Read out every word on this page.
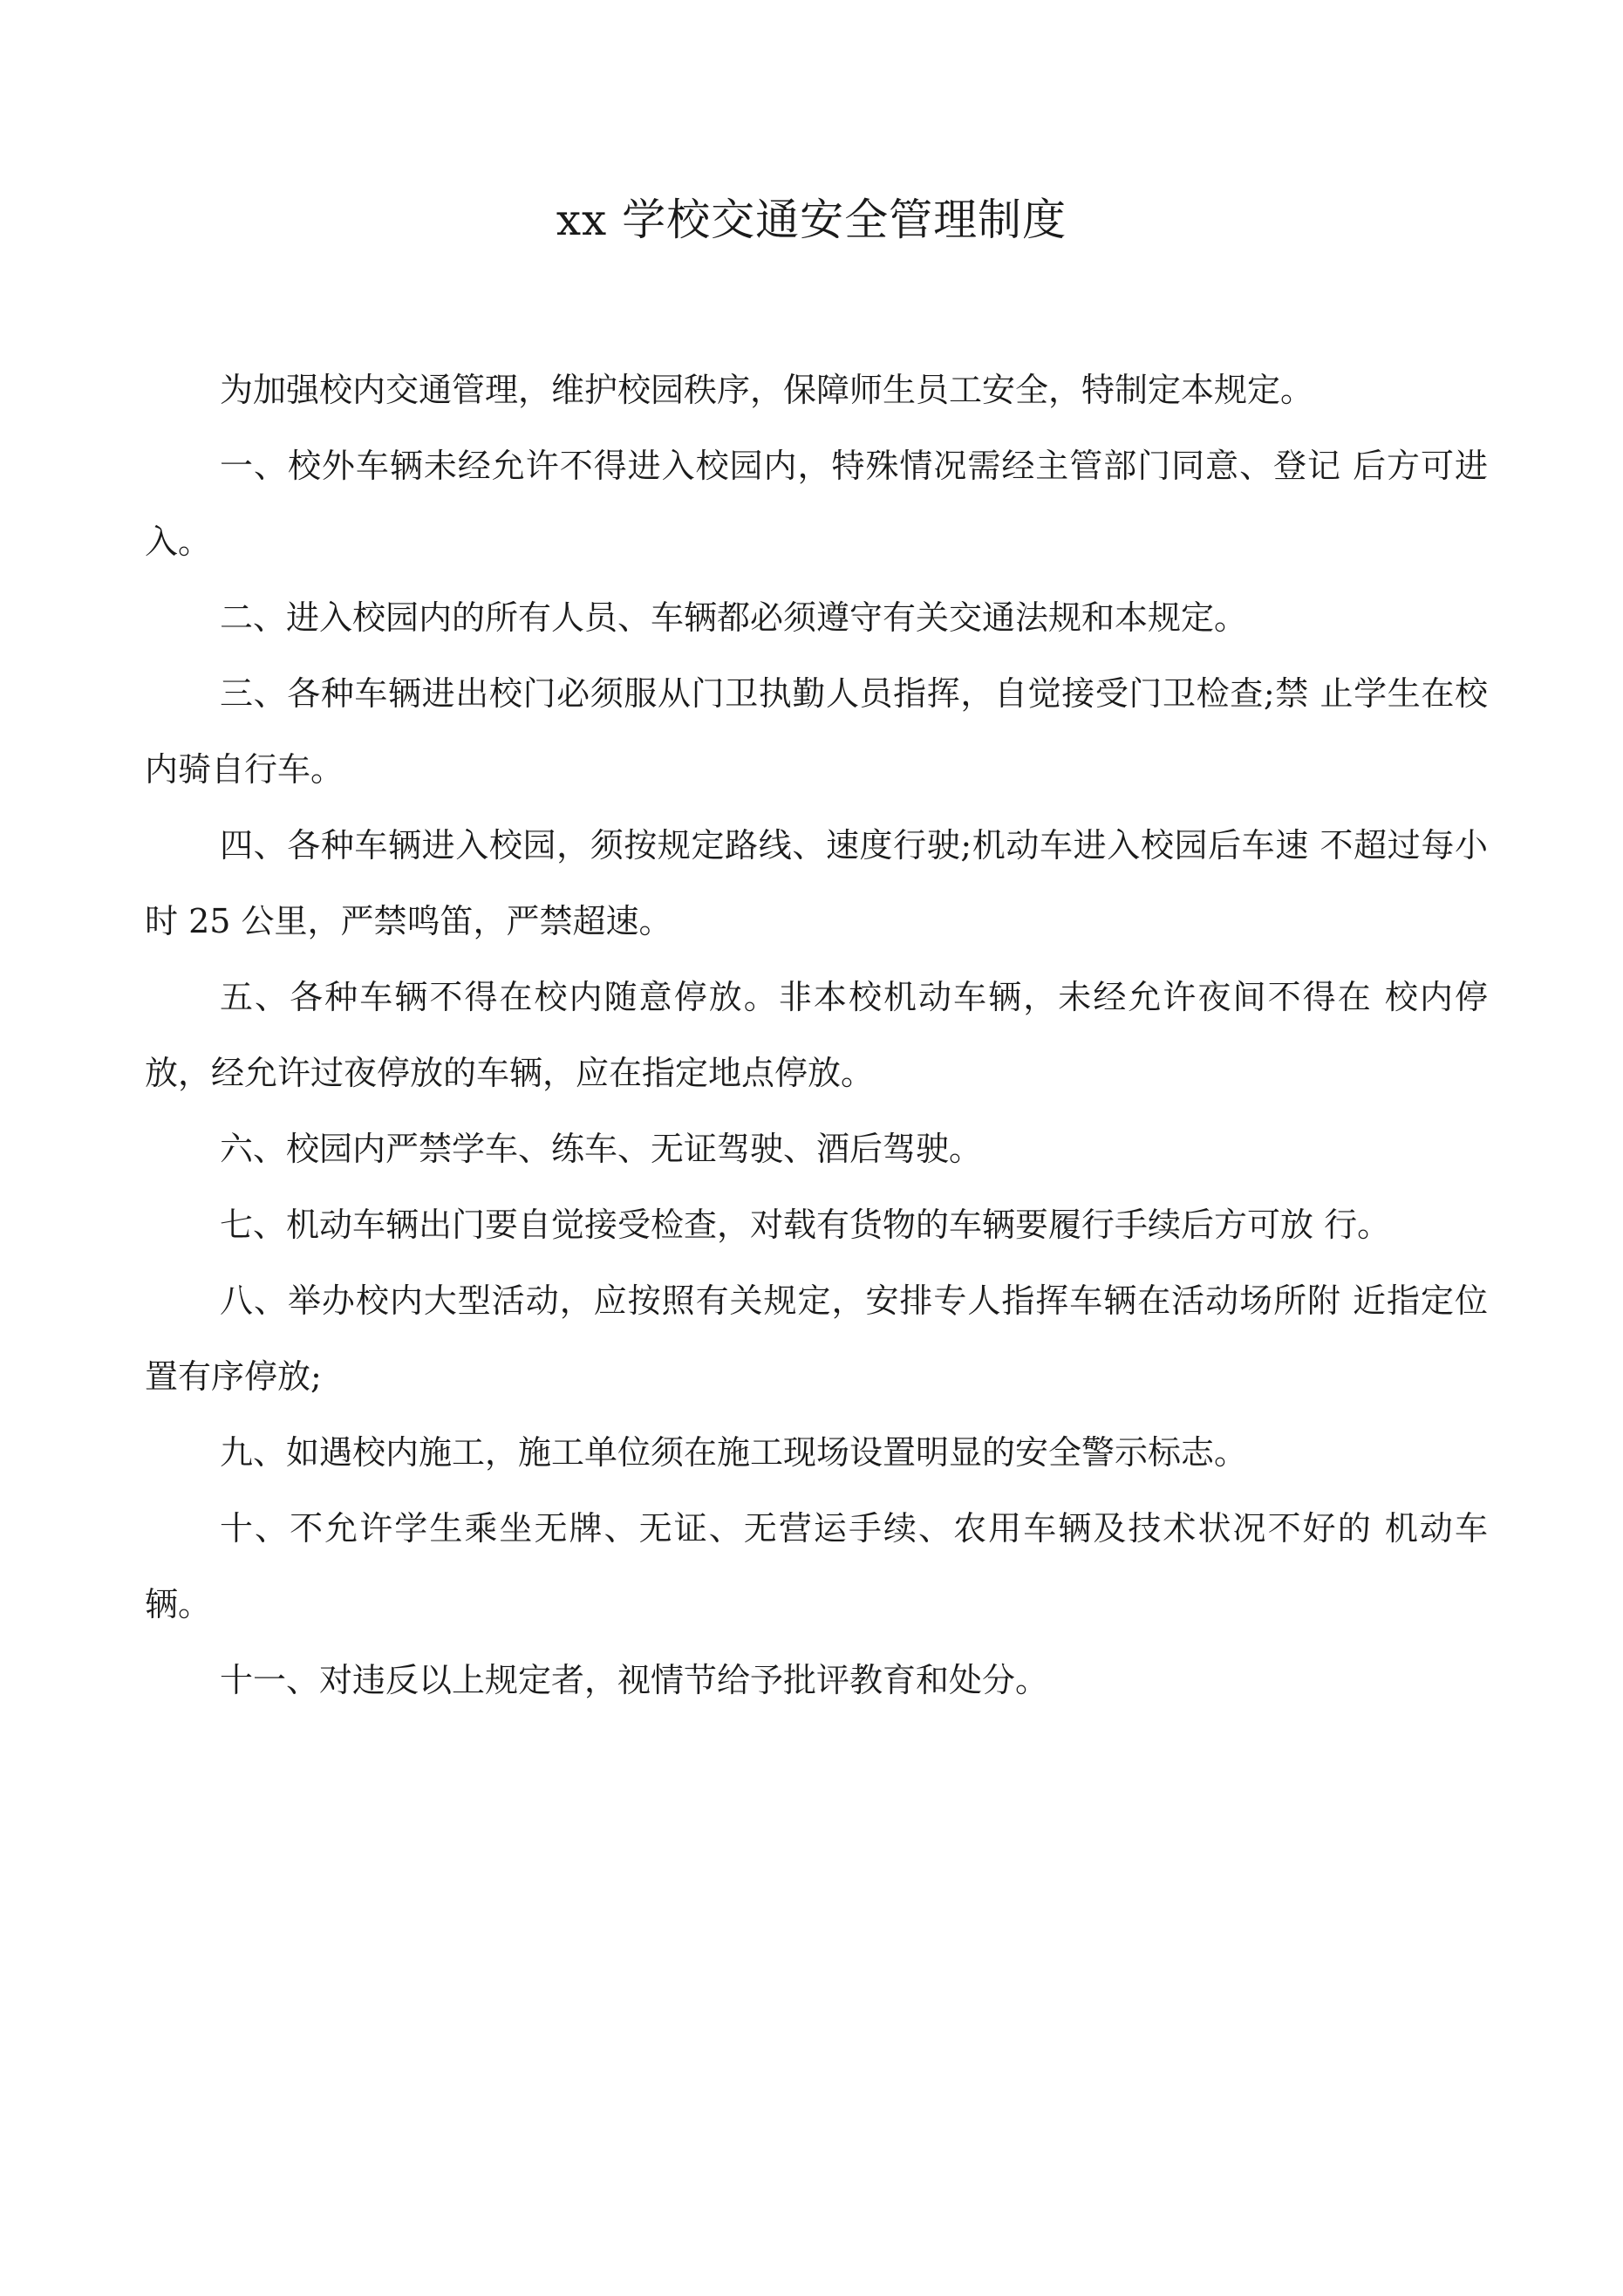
xx 学校交通安全管理制度

为加强校内交通管理，维护校园秩序，保障师生员工安全，特制定本规定。

一、校外车辆未经允许不得进入校园内，特殊情况需经主管部门同意、登记 后方可进入。

二、进入校园内的所有人员、车辆都必须遵守有关交通法规和本规定。

三、各种车辆进出校门必须服从门卫执勤人员指挥，自觉接受门卫检查;禁 止学生在校内骑自行车。

四、各种车辆进入校园，须按规定路线、速度行驶;机动车进入校园后车速 不超过每小时 25 公里，严禁鸣笛，严禁超速。

五、各种车辆不得在校内随意停放。非本校机动车辆，未经允许夜间不得在 校内停放，经允许过夜停放的车辆，应在指定地点停放。

六、校园内严禁学车、练车、无证驾驶、酒后驾驶。

七、机动车辆出门要自觉接受检查，对载有货物的车辆要履行手续后方可放 行。

八、举办校内大型活动，应按照有关规定，安排专人指挥车辆在活动场所附 近指定位置有序停放;

九、如遇校内施工，施工单位须在施工现场设置明显的安全警示标志。

十、不允许学生乘坐无牌、无证、无营运手续、农用车辆及技术状况不好的 机动车辆。

十一、对违反以上规定者，视情节给予批评教育和处分。
